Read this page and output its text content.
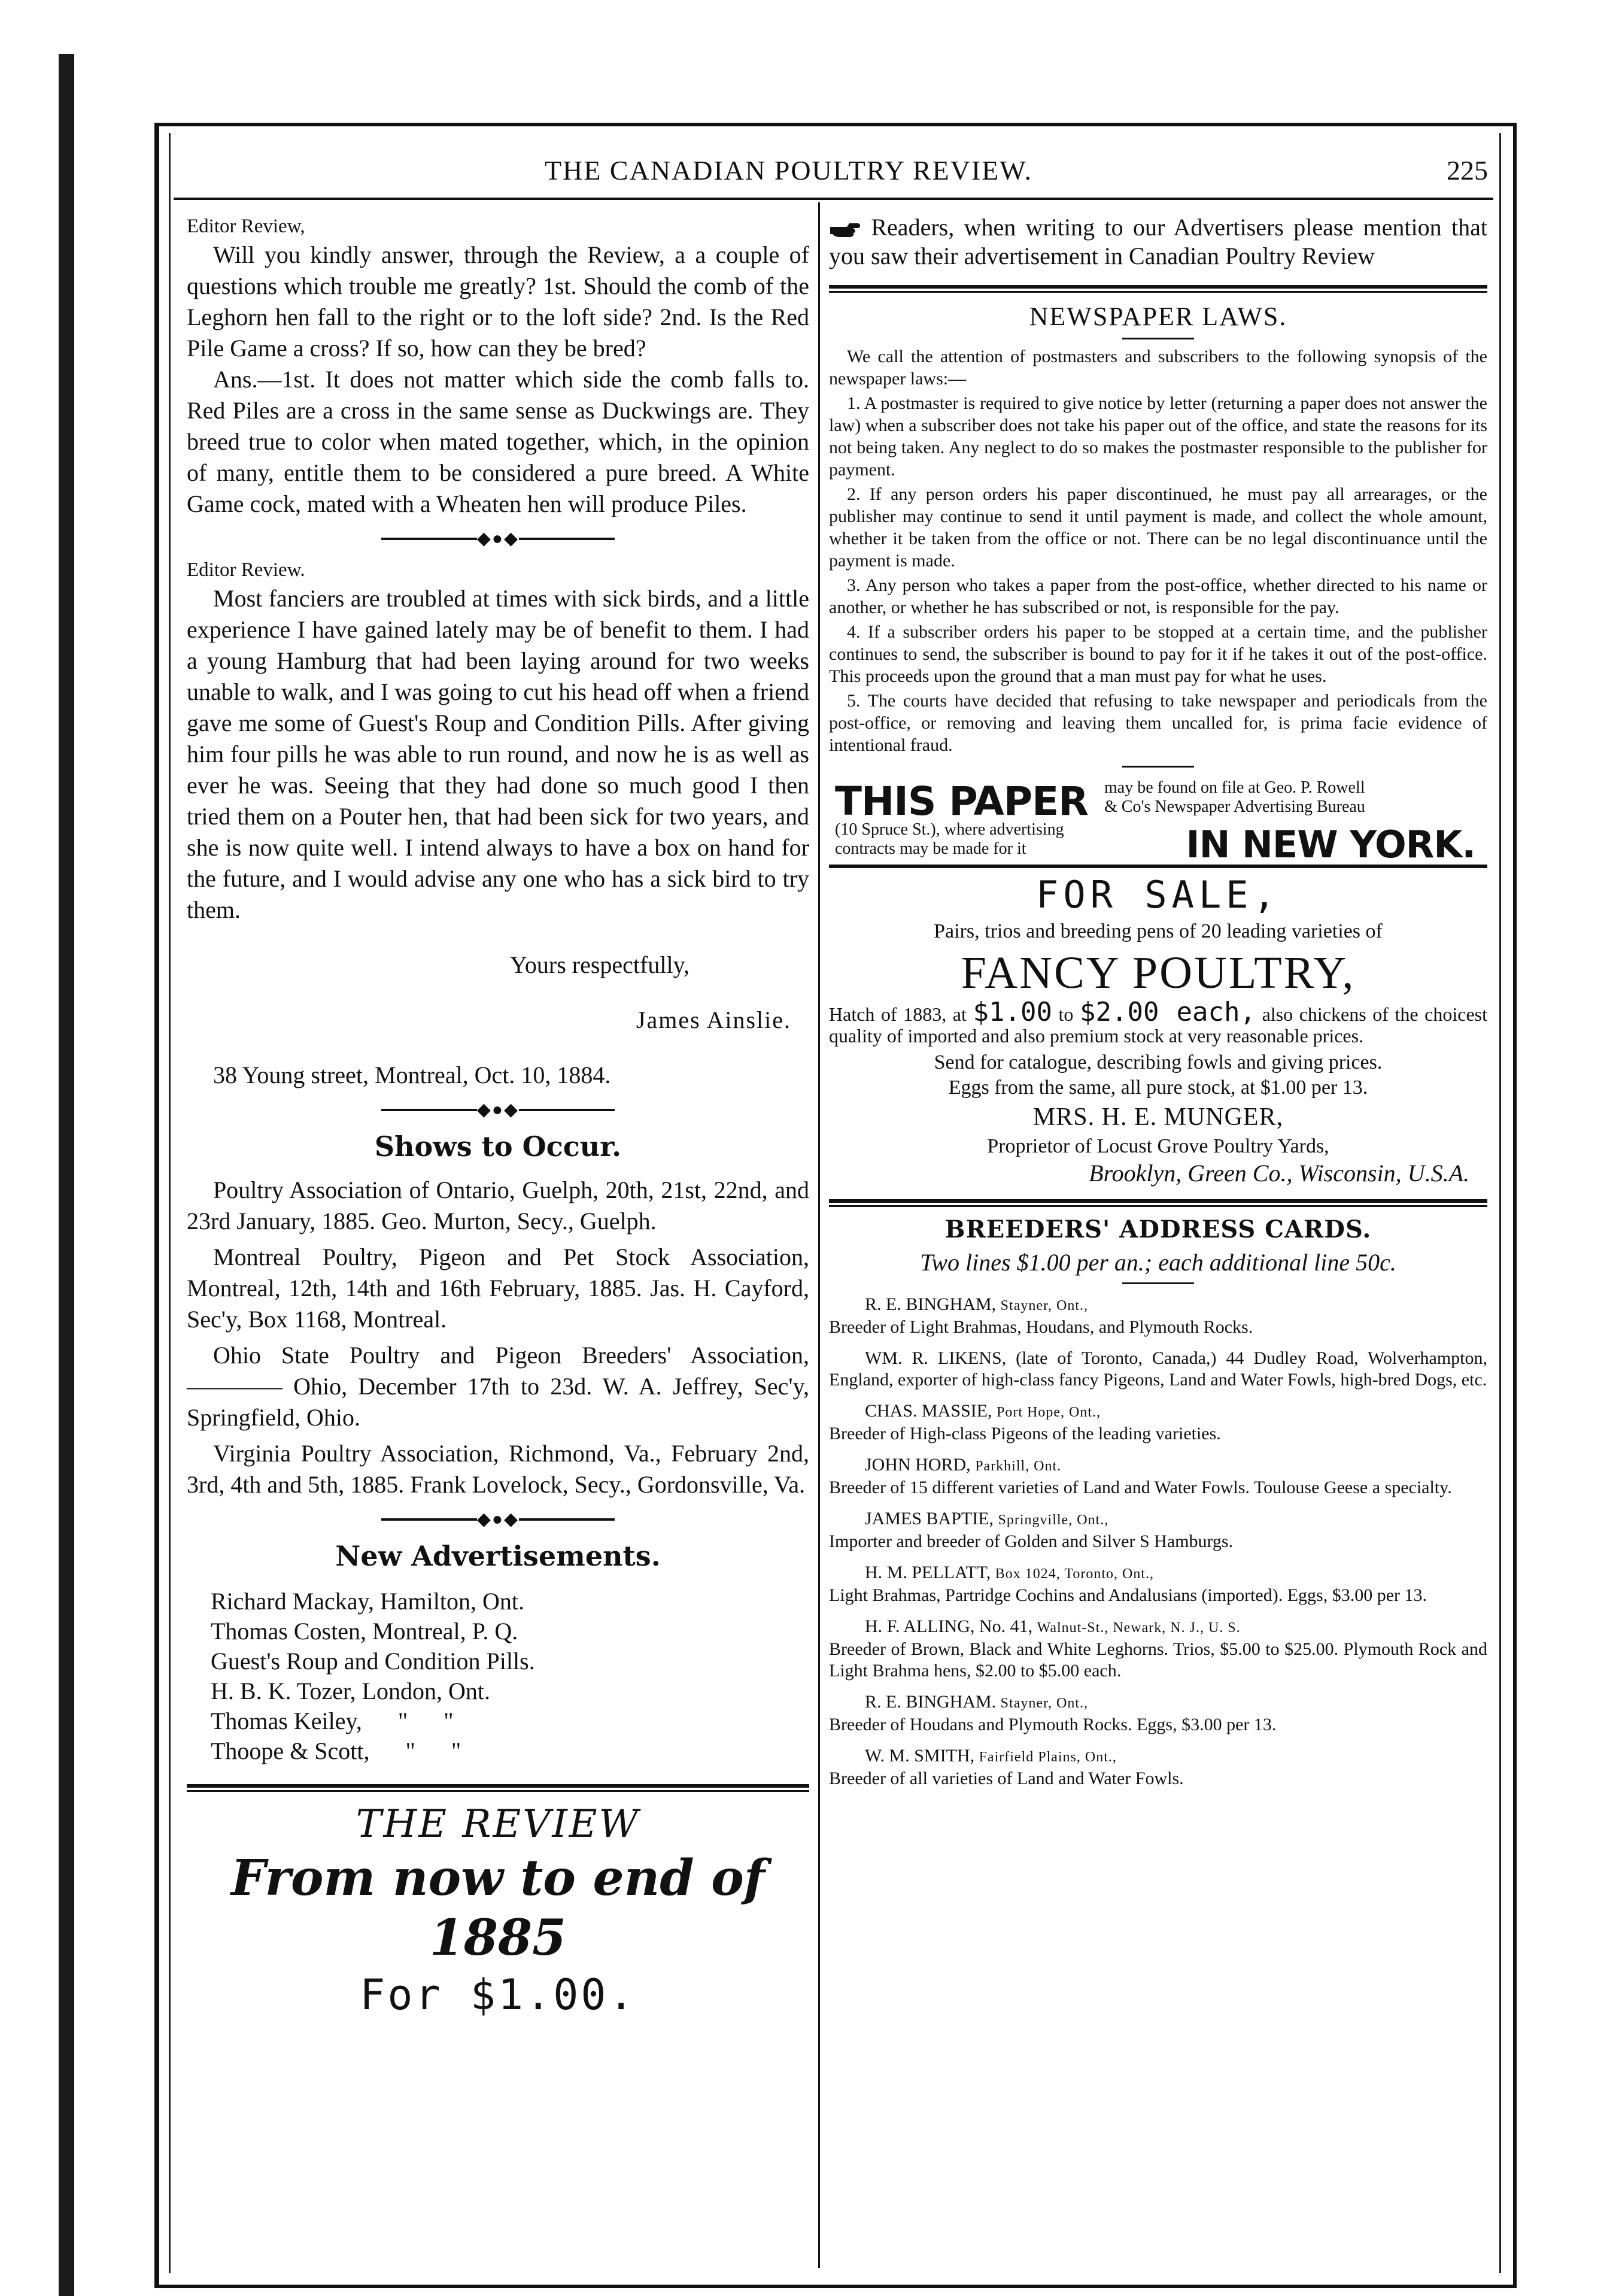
THE CANADIAN POULTRY REVIEW.	225

Editor Review,

Will you kindly answer, through the Review, a a couple of questions which trouble me greatly? 1st. Should the comb of the Leghorn hen fall to the right or to the loft side? 2nd. Is the Red Pile Game a cross? If so, how can they be bred?

Ans.—1st. It does not matter which side the comb falls to. Red Piles are a cross in the same sense as Duckwings are. They breed true to color when mated together, which, in the opinion of many, entitle them to be considered a pure breed. A White Game cock, mated with a Wheaten hen will produce Piles.

◆●◆

Editor Review.

Most fanciers are troubled at times with sick birds, and a little experience I have gained lately may be of benefit to them. I had a young Hamburg that had been laying around for two weeks unable to walk, and I was going to cut his head off when a friend gave me some of Guest's Roup and Condition Pills. After giving him four pills he was able to run round, and now he is as well as ever he was. Seeing that they had done so much good I then tried them on a Pouter hen, that had been sick for two years, and she is now quite well. I intend always to have a box on hand for the future, and I would advise any one who has a sick bird to try them.

Yours respectfully,

James Ainslie.

38 Young street, Montreal, Oct. 10, 1884.

◆●◆
Shows to Occur.

Poultry Association of Ontario, Guelph, 20th, 21st, 22nd, and 23rd January, 1885. Geo. Murton, Secy., Guelph.

Montreal Poultry, Pigeon and Pet Stock Association, Montreal, 12th, 14th and 16th February, 1885. Jas. H. Cayford, Sec'y, Box 1168, Montreal.

Ohio State Poultry and Pigeon Breeders' Association,———— Ohio, December 17th to 23d. W. A. Jeffrey, Sec'y, Springfield, Ohio.

Virginia Poultry Association, Richmond, Va., February 2nd, 3rd, 4th and 5th, 1885. Frank Lovelock, Secy., Gordonsville, Va.

◆●◆
New Advertisements.

Richard Mackay, Hamilton, Ont.

Thomas Costen, Montreal, P. Q.

Guest's Roup and Condition Pills.

H. B. K. Tozer, London, Ont.

Thomas Keiley,      "      "

Thoope & Scott,      "      "

THE REVIEW
From now to end of 1885
For $1.00.

Readers, when writing to our Advertisers please mention that you saw their advertisement in Canadian Poultry Review

NEWSPAPER LAWS.

We call the attention of postmasters and subscribers to the following synopsis of the newspaper laws:—

1. A postmaster is required to give notice by letter (returning a paper does not answer the law) when a subscriber does not take his paper out of the office, and state the reasons for its not being taken. Any neglect to do so makes the postmaster responsible to the publisher for payment.

2. If any person orders his paper discontinued, he must pay all arrearages, or the publisher may continue to send it until payment is made, and collect the whole amount, whether it be taken from the office or not. There can be no legal discontinuance until the payment is made.

3. Any person who takes a paper from the post-office, whether directed to his name or another, or whether he has subscribed or not, is responsible for the pay.

4. If a subscriber orders his paper to be stopped at a certain time, and the publisher continues to send, the subscriber is bound to pay for it if he takes it out of the post-office. This proceeds upon the ground that a man must pay for what he uses.

5. The courts have decided that refusing to take newspaper and periodicals from the post-office, or removing and leaving them uncalled for, is prima facie evidence of intentional fraud.

THIS PAPER may be found on file at Geo. P. Rowell
& Co's Newspaper Advertising Bureau
(10 Spruce St.), where advertising
contracts may be made for it	IN NEW YORK.
FOR SALE,

Pairs, trios and breeding pens of 20 leading varieties of

FANCY POULTRY,

Hatch of 1883, at $1.00 to $2.00 each, also chickens of the choicest quality of imported and also premium stock at very reasonable prices.

Send for catalogue, describing fowls and giving prices.

Eggs from the same, all pure stock, at $1.00 per 13.

MRS. H. E. MUNGER,

Proprietor of Locust Grove Poultry Yards,

Brooklyn, Green Co., Wisconsin, U.S.A.

BREEDERS' ADDRESS CARDS.
Two lines $1.00 per an.; each additional line 50c.

R. E. BINGHAM, Stayner, Ont.,

Breeder of Light Brahmas, Houdans, and Plymouth Rocks.

WM. R. LIKENS, (late of Toronto, Canada,) 44 Dudley Road, Wolverhampton, England, exporter of high-class fancy Pigeons, Land and Water Fowls, high-bred Dogs, etc.

CHAS. MASSIE, Port Hope, Ont.,

Breeder of High-class Pigeons of the leading varieties.

JOHN HORD, Parkhill, Ont.

Breeder of 15 different varieties of Land and Water Fowls. Toulouse Geese a specialty.

JAMES BAPTIE, Springville, Ont.,

Importer and breeder of Golden and Silver S Hamburgs.

H. M. PELLATT, Box 1024, Toronto, Ont.,

Light Brahmas, Partridge Cochins and Andalusians (imported). Eggs, $3.00 per 13.

H. F. ALLING, No. 41, Walnut-St., Newark, N. J., U. S.

Breeder of Brown, Black and White Leghorns. Trios, $5.00 to $25.00. Plymouth Rock and Light Brahma hens, $2.00 to $5.00 each.

R. E. BINGHAM. Stayner, Ont.,

Breeder of Houdans and Plymouth Rocks. Eggs, $3.00 per 13.

W. M. SMITH, Fairfield Plains, Ont.,

Breeder of all varieties of Land and Water Fowls.
